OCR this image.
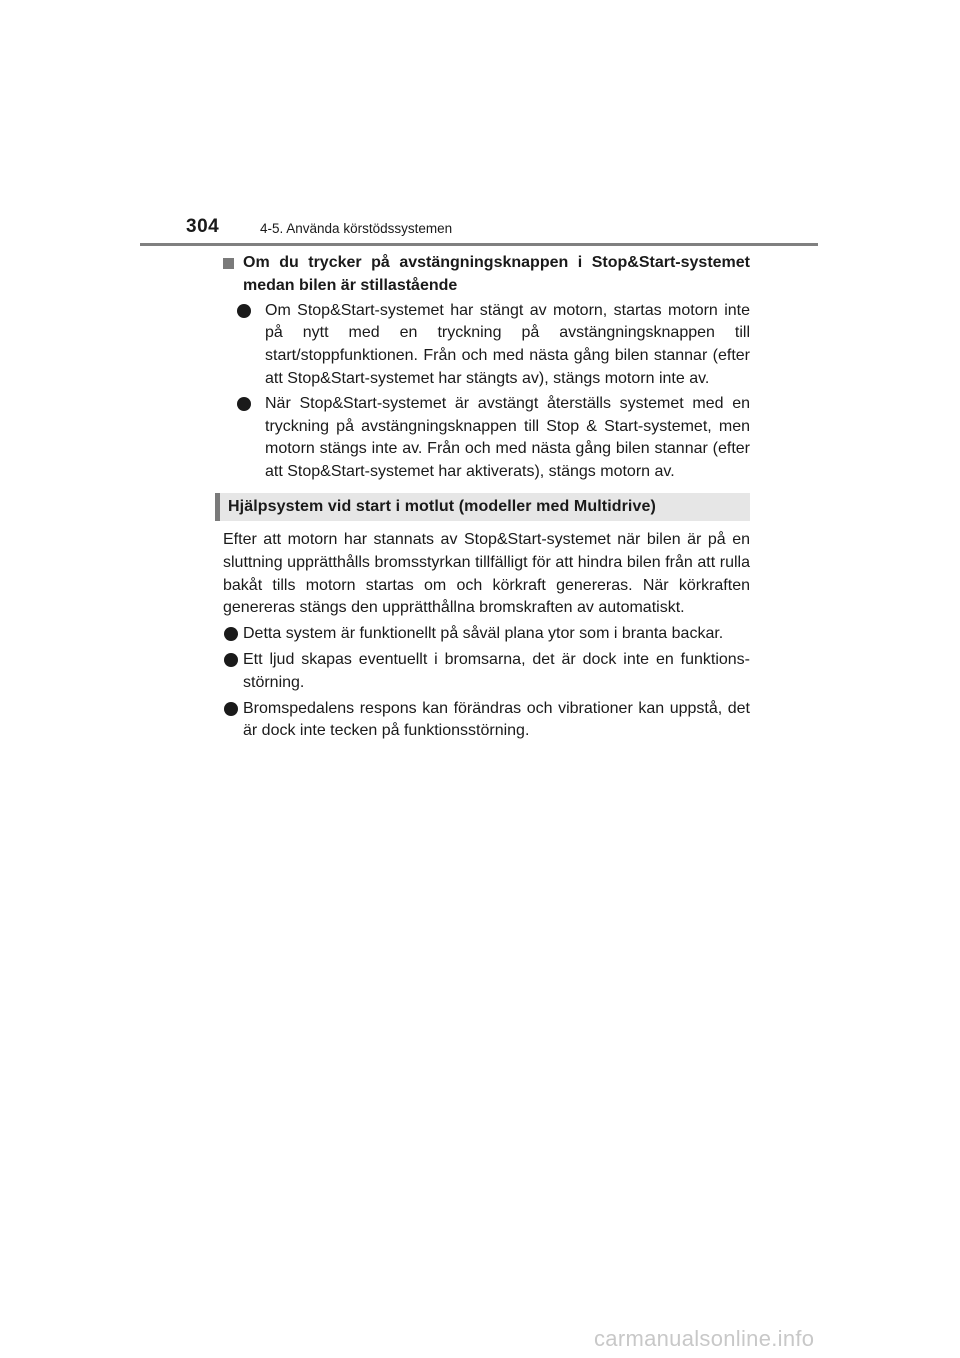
304	4-5. Använda körstödssystemen
Om du trycker på avstängningsknappen i Stop&Start-systemet medan bilen är stillastående
Om Stop&Start-systemet har stängt av motorn, startas motorn inte på nytt med en tryckning på avstängningsknappen till start/stoppfunktionen. Från och med nästa gång bilen stannar (efter att Stop&Start-systemet har stängts av), stängs motorn inte av.
När Stop&Start-systemet är avstängt återställs systemet med en tryckning på avstängningsknappen till Stop & Start-systemet, men motorn stängs inte av. Från och med nästa gång bilen stannar (efter att Stop&Start-systemet har aktiverats), stängs motorn av.
Hjälpsystem vid start i motlut (modeller med Multidrive)
Efter att motorn har stannats av Stop&Start-systemet när bilen är på en sluttning upprätthålls bromsstyrkan tillfälligt för att hindra bilen från att rulla bakåt tills motorn startas om och körkraft genereras. När körkraften genereras stängs den upprätthållna bromskraften av automatiskt.
Detta system är funktionellt på såväl plana ytor som i branta backar.
Ett ljud skapas eventuellt i bromsarna, det är dock inte en funktions-störning.
Bromspedalens respons kan förändras och vibrationer kan uppstå, det är dock inte tecken på funktionsstörning.
carmanualsonline.info
